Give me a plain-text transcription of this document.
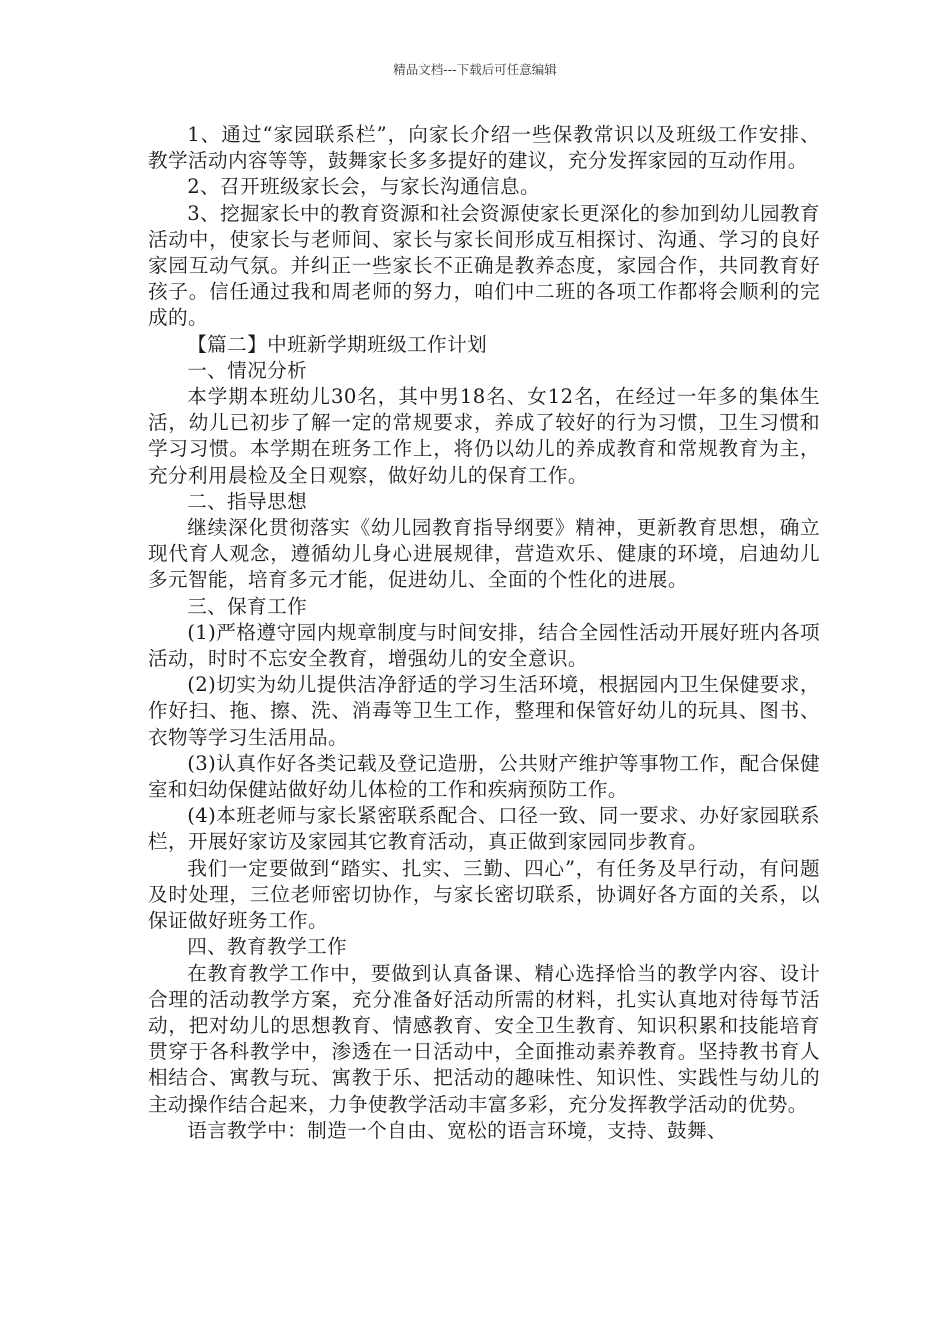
精品文档---下载后可任意编辑

1、通过“家园联系栏”，向家长介绍一些保教常识以及班级工作安排、教学活动内容等等，鼓舞家长多多提好的建议，充分发挥家园的互动作用。

2、召开班级家长会，与家长沟通信息。

3、挖掘家长中的教育资源和社会资源使家长更深化的参加到幼儿园教育活动中，使家长与老师间、家长与家长间形成互相探讨、沟通、学习的良好家园互动气氛。并纠正一些家长不正确是教养态度，家园合作，共同教育好孩子。信任通过我和周老师的努力，咱们中二班的各项工作都将会顺利的完成的。

【篇二】中班新学期班级工作计划

一、情况分析

本学期本班幼儿30名，其中男18名、女12名，在经过一年多的集体生活，幼儿已初步了解一定的常规要求，养成了较好的行为习惯，卫生习惯和学习习惯。本学期在班务工作上，将仍以幼儿的养成教育和常规教育为主，充分利用晨检及全日观察，做好幼儿的保育工作。

二、指导思想

继续深化贯彻落实《幼儿园教育指导纲要》精神，更新教育思想，确立现代育人观念，遵循幼儿身心进展规律，营造欢乐、健康的环境，启迪幼儿多元智能，培育多元才能，促进幼儿、全面的个性化的进展。

三、保育工作

(1)严格遵守园内规章制度与时间安排，结合全园性活动开展好班内各项活动，时时不忘安全教育，增强幼儿的安全意识。

(2)切实为幼儿提供洁净舒适的学习生活环境，根据园内卫生保健要求，作好扫、拖、擦、洗、消毒等卫生工作，整理和保管好幼儿的玩具、图书、衣物等学习生活用品。

(3)认真作好各类记载及登记造册，公共财产维护等事物工作，配合保健室和妇幼保健站做好幼儿体检的工作和疾病预防工作。

(4)本班老师与家长紧密联系配合、口径一致、同一要求、办好家园联系栏，开展好家访及家园其它教育活动，真正做到家园同步教育。

我们一定要做到“踏实、扎实、三勤、四心”，有任务及早行动，有问题及时处理，三位老师密切协作，与家长密切联系，协调好各方面的关系，以保证做好班务工作。

四、教育教学工作

在教育教学工作中，要做到认真备课、精心选择恰当的教学内容、设计合理的活动教学方案，充分准备好活动所需的材料，扎实认真地对待每节活动，把对幼儿的思想教育、情感教育、安全卫生教育、知识积累和技能培育贯穿于各科教学中，渗透在一日活动中，全面推动素养教育。坚持教书育人相结合、寓教与玩、寓教于乐、把活动的趣味性、知识性、实践性与幼儿的主动操作结合起来，力争使教学活动丰富多彩，充分发挥教学活动的优势。

语言教学中：制造一个自由、宽松的语言环境，支持、鼓舞、
